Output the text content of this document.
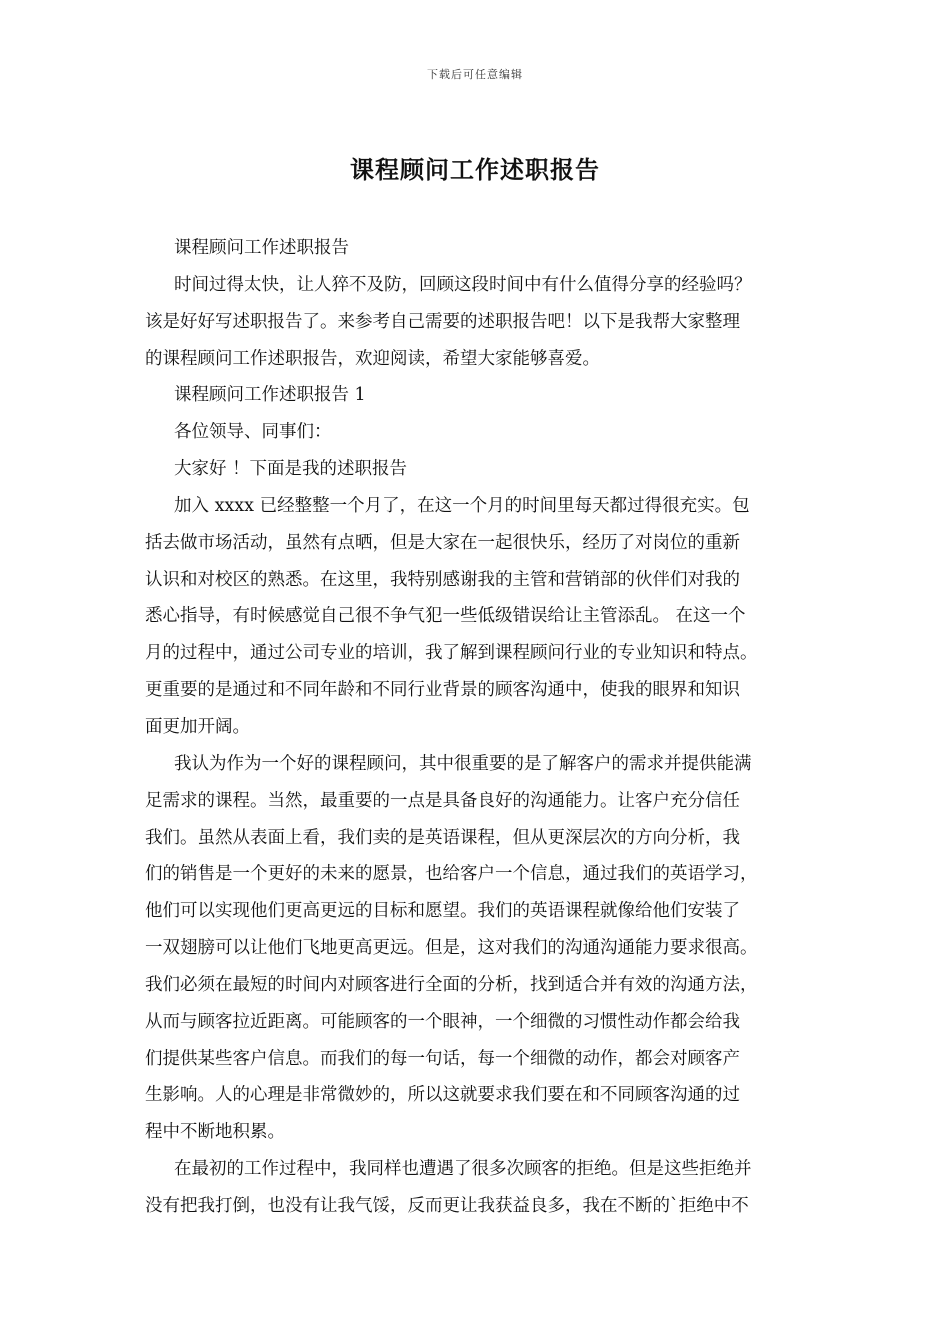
下载后可任意编辑
课程顾问工作述职报告
课程顾问工作述职报告
时间过得太快，让人猝不及防，回顾这段时间中有什么值得分享的经验吗？
该是好好写述职报告了。来参考自己需要的述职报告吧！以下是我帮大家整理
的课程顾问工作述职报告，欢迎阅读，希望大家能够喜爱。
课程顾问工作述职报告 1
各位领导、同事们：
大家好 ！下面是我的述职报告
加入 xxxx 已经整整一个月了，在这一个月的时间里每天都过得很充实。包
括去做市场活动，虽然有点晒，但是大家在一起很快乐，经历了对岗位的重新
认识和对校区的熟悉。在这里，我特别感谢我的主管和营销部的伙伴们对我的
悉心指导，有时候感觉自己很不争气犯一些低级错误给让主管添乱。 在这一个
月的过程中，通过公司专业的培训，我了解到课程顾问行业的专业知识和特点。
更重要的是通过和不同年龄和不同行业背景的顾客沟通中，使我的眼界和知识
面更加开阔。
我认为作为一个好的课程顾问，其中很重要的是了解客户的需求并提供能满
足需求的课程。当然，最重要的一点是具备良好的沟通能力。让客户充分信任
我们。虽然从表面上看，我们卖的是英语课程，但从更深层次的方向分析，我
们的销售是一个更好的未来的愿景，也给客户一个信息，通过我们的英语学习，
他们可以实现他们更高更远的目标和愿望。我们的英语课程就像给他们安装了
一双翅膀可以让他们飞地更高更远。但是，这对我们的沟通沟通能力要求很高。
我们必须在最短的时间内对顾客进行全面的分析，找到适合并有效的沟通方法，
从而与顾客拉近距离。可能顾客的一个眼神，一个细微的习惯性动作都会给我
们提供某些客户信息。而我们的每一句话，每一个细微的动作，都会对顾客产
生影响。人的心理是非常微妙的，所以这就要求我们要在和不同顾客沟通的过
程中不断地积累。
在最初的工作过程中，我同样也遭遇了很多次顾客的拒绝。但是这些拒绝并
没有把我打倒，也没有让我气馁，反而更让我获益良多，我在不断的`拒绝中不
